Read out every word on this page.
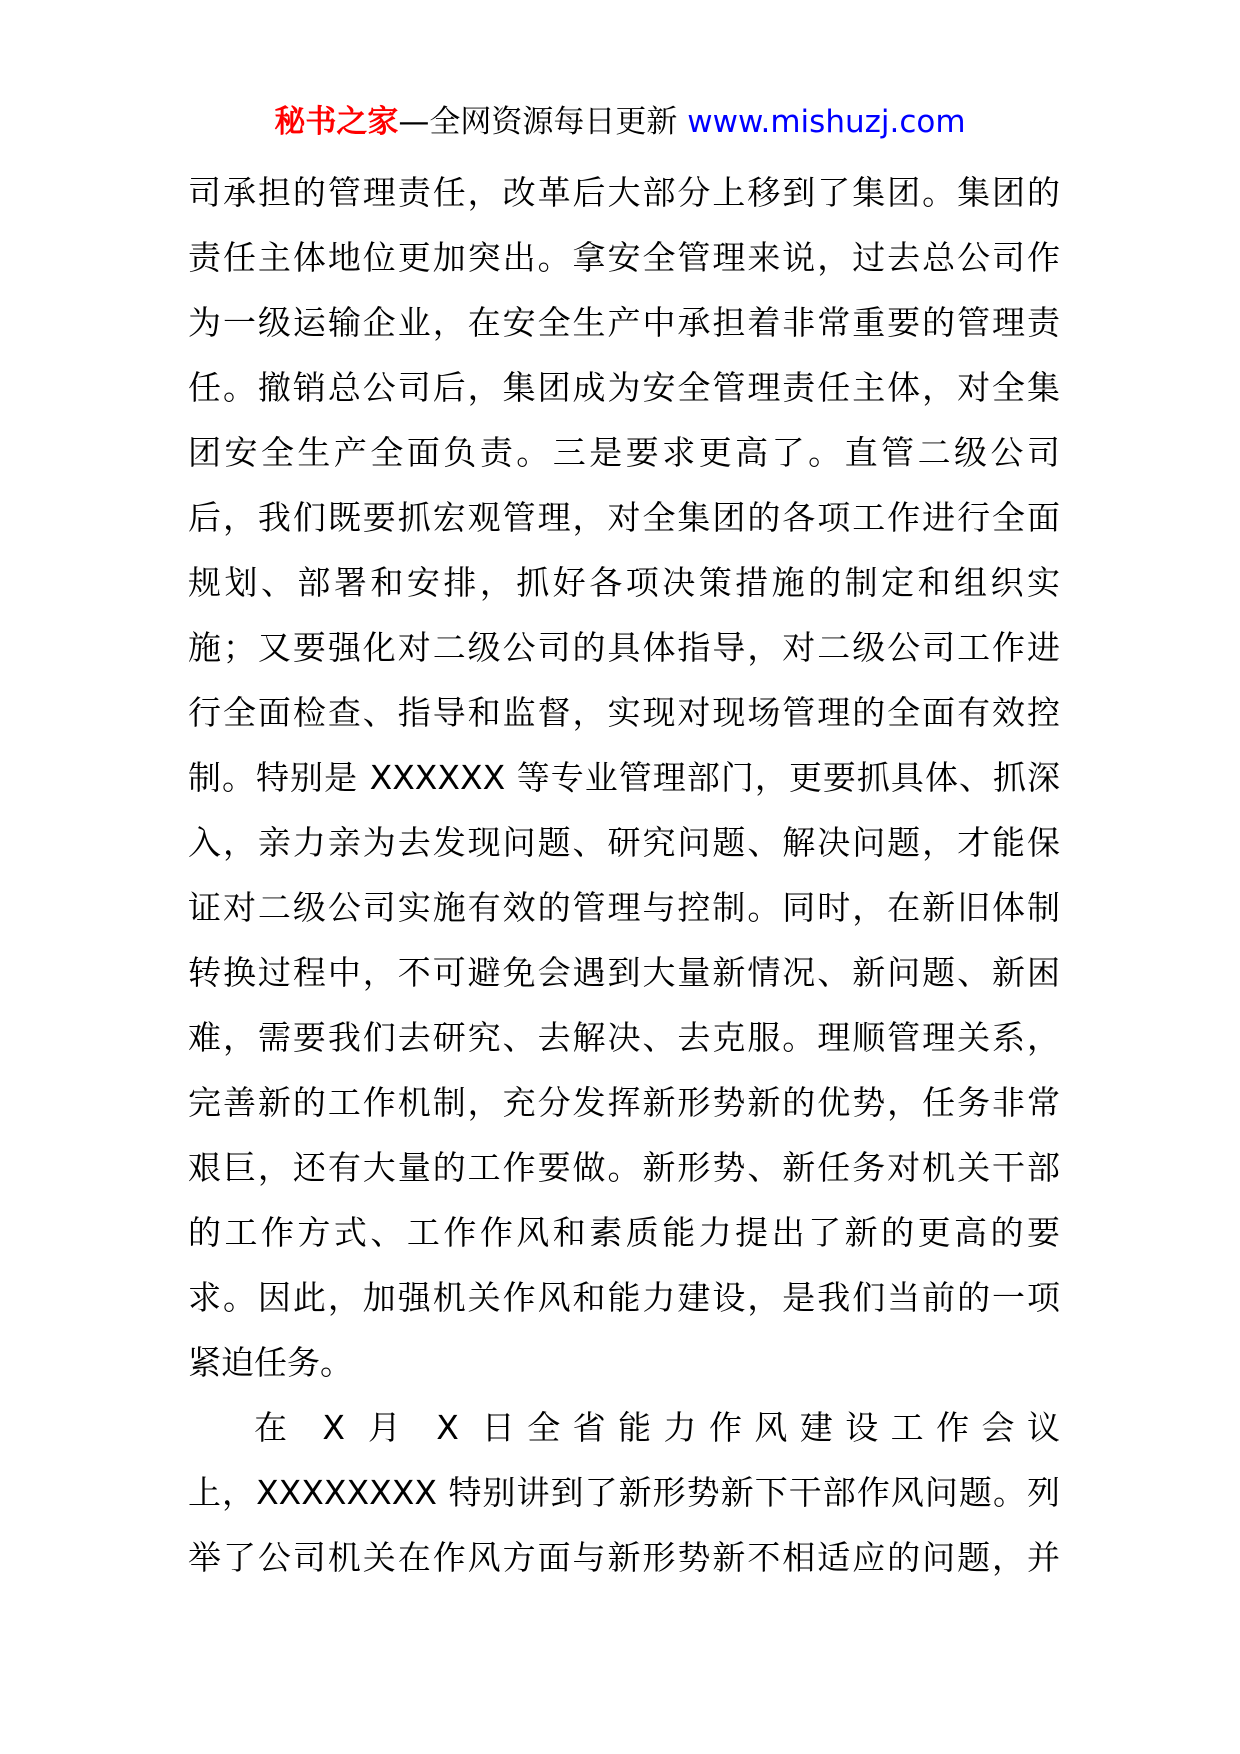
秘书之家—全网资源每日更新 www.mishuzj.com
司承担的管理责任，改革后大部分上移到了集团。集团的
责任主体地位更加突出。拿安全管理来说，过去总公司作
为一级运输企业，在安全生产中承担着非常重要的管理责
任。撤销总公司后，集团成为安全管理责任主体，对全集
团安全生产全面负责。三是要求更高了。直管二级公司
后，我们既要抓宏观管理，对全集团的各项工作进行全面
规划、部署和安排，抓好各项决策措施的制定和组织实
施；又要强化对二级公司的具体指导，对二级公司工作进
行全面检查、指导和监督，实现对现场管理的全面有效控
制。特别是 XXXXXX 等专业管理部门，更要抓具体、抓深
入，亲力亲为去发现问题、研究问题、解决问题，才能保
证对二级公司实施有效的管理与控制。同时，在新旧体制
转换过程中，不可避免会遇到大量新情况、新问题、新困
难，需要我们去研究、去解决、去克服。理顺管理关系，
完善新的工作机制，充分发挥新形势新的优势，任务非常
艰巨，还有大量的工作要做。新形势、新任务对机关干部
的工作方式、工作作风和素质能力提出了新的更高的要
求。因此，加强机关作风和能力建设，是我们当前的一项
紧迫任务。
在 X 月 X 日全省能力作风建设工作会议
上，XXXXXXXX 特别讲到了新形势新下干部作风问题。列
举了公司机关在作风方面与新形势新不相适应的问题，并
